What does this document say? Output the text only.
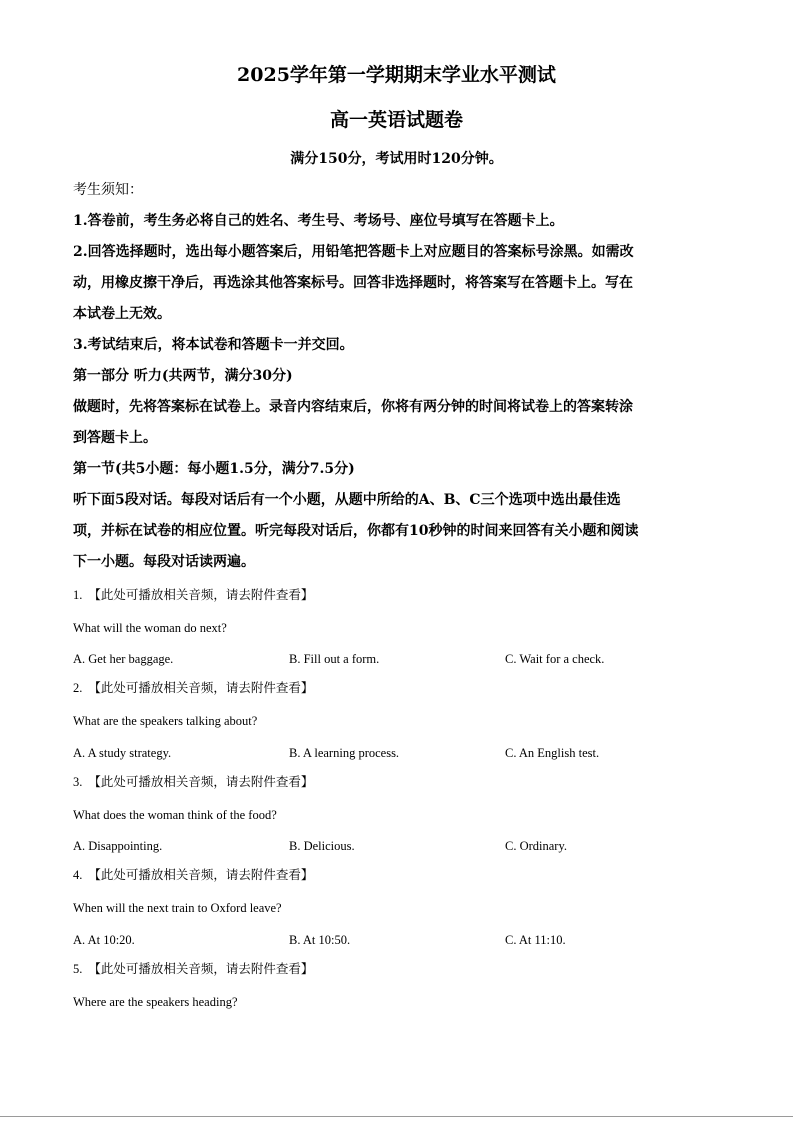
2025学年第一学期期末学业水平测试
高一英语试题卷
满分150分，考试用时120分钟。
考生须知：
1.答卷前，考生务必将自己的姓名、考生号、考场号、座位号填写在答题卡上。
2.回答选择题时，选出每小题答案后，用铅笔把答题卡上对应题目的答案标号涂黑。如需改
动，用橡皮擦干净后，再选涂其他答案标号。回答非选择题时，将答案写在答题卡上。写在
本试卷上无效。
3.考试结束后，将本试卷和答题卡一并交回。
第一部分 听力(共两节，满分30分)
做题时，先将答案标在试卷上。录音内容结束后，你将有两分钟的时间将试卷上的答案转涂
到答题卡上。
第一节(共5小题：每小题1.5分，满分7.5分)
听下面5段对话。每段对话后有一个小题，从题中所给的A、B、C三个选项中选出最佳选
项，并标在试卷的相应位置。听完每段对话后，你都有10秒钟的时间来回答有关小题和阅读
下一小题。每段对话读两遍。
1. 【此处可播放相关音频，请去附件查看】
What will the woman do next?
A. Get her baggage.	B. Fill out a form.	C. Wait for a check.
2. 【此处可播放相关音频，请去附件查看】
What are the speakers talking about?
A. A study strategy.	B. A learning process.	C. An English test.
3. 【此处可播放相关音频，请去附件查看】
What does the woman think of the food?
A. Disappointing.	B. Delicious.	C. Ordinary.
4. 【此处可播放相关音频，请去附件查看】
When will the next train to Oxford leave?
A. At 10:20.	B. At 10:50.	C. At 11:10.
5. 【此处可播放相关音频，请去附件查看】
Where are the speakers heading?
